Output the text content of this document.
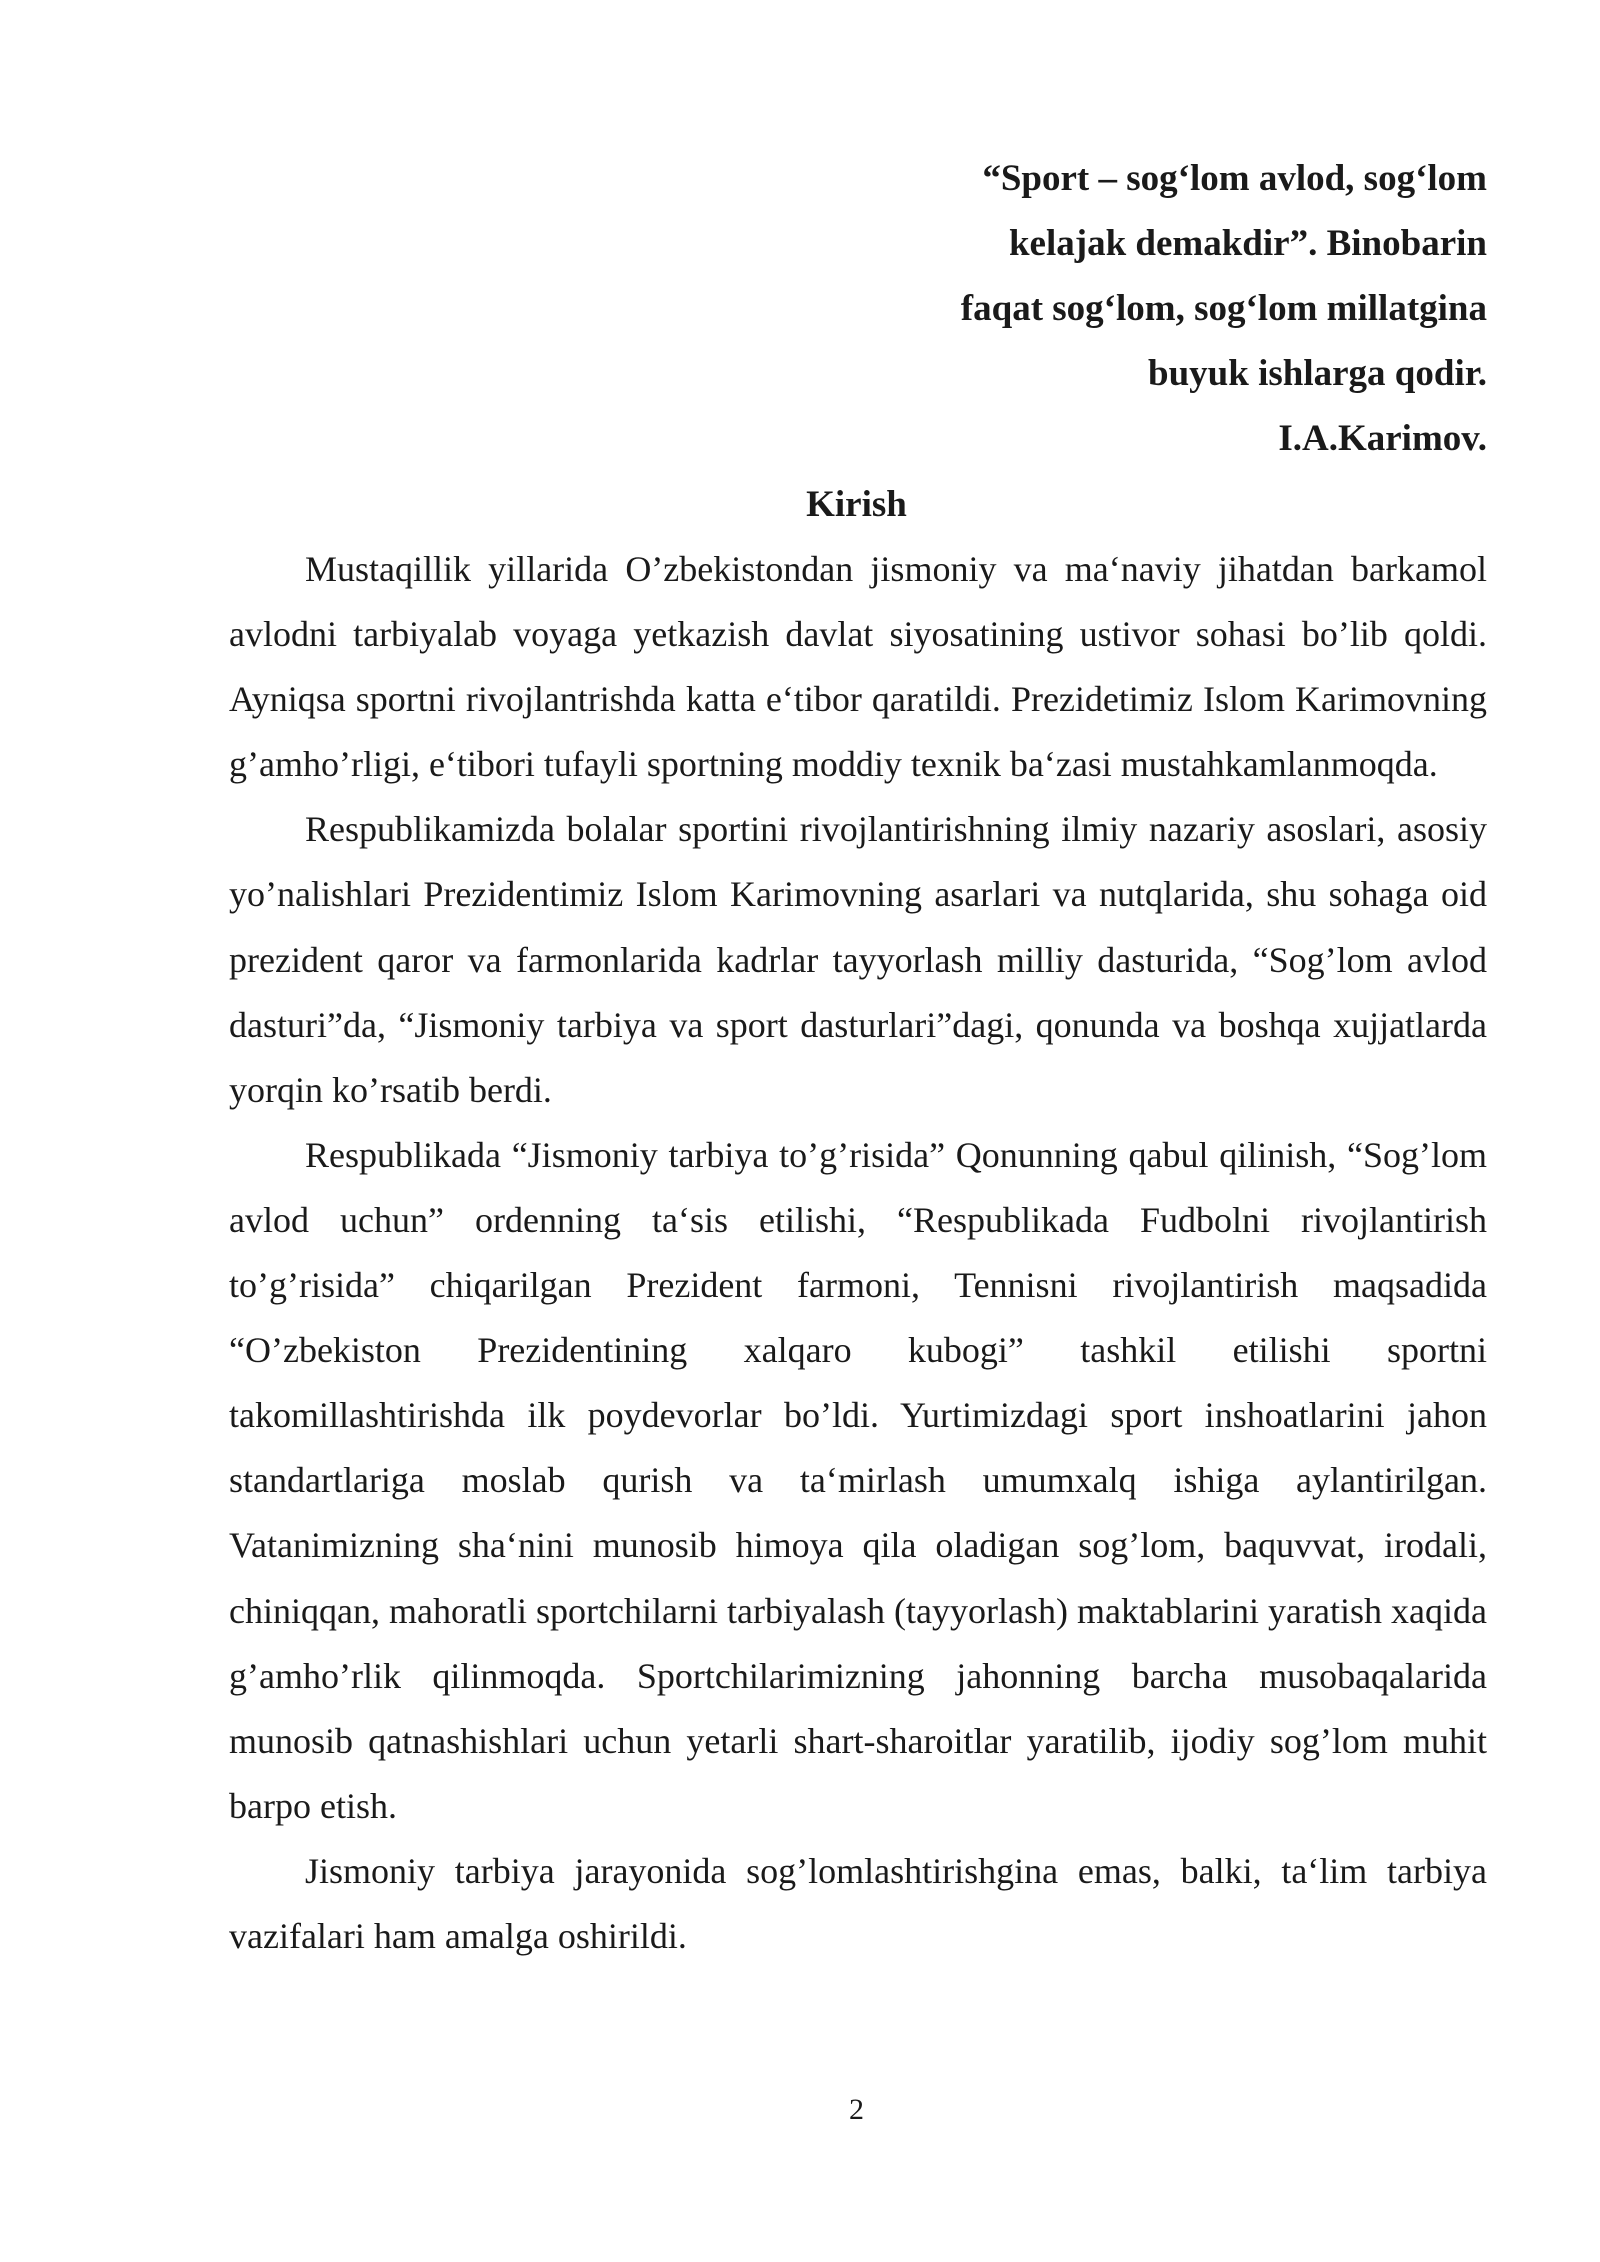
“Sport – sog‘lom avlod, sog‘lom
kelajak demakdir”. Binobarin
faqat sog‘lom, sog‘lom millatgina
buyuk ishlarga qodir.
I.A.Karimov.
Kirish

Mustaqillik yillarida O’zbekistondan jismoniy va ma‘naviy jihatdan barkamol avlodni tarbiyalab voyaga yetkazish davlat siyosatining ustivor sohasi bo’lib qoldi. Ayniqsa sportni rivojlantrishda katta e‘tibor qaratildi. Prezidetimiz Islom Karimovning g’amho’rligi, e‘tibori tufayli sportning moddiy texnik ba‘zasi mustahkamlanmoqda.

Respublikamizda bolalar sportini rivojlantirishning ilmiy nazariy asoslari, asosiy yo’nalishlari Prezidentimiz Islom Karimovning asarlari va nutqlarida, shu sohaga oid prezident qaror va farmonlarida kadrlar tayyorlash milliy dasturida, “Sog’lom avlod dasturi”da, “Jismoniy tarbiya va sport dasturlari”dagi, qonunda va boshqa xujjatlarda yorqin ko’rsatib berdi.

Respublikada “Jismoniy tarbiya to’g’risida” Qonunning qabul qilinish, “Sog’lom avlod uchun” ordenning ta‘sis etilishi, “Respublikada Fudbolni rivojlantirish to’g’risida” chiqarilgan Prezident farmoni, Tennisni rivojlantirish maqsadida “O’zbekiston Prezidentining xalqaro kubogi” tashkil etilishi sportni takomillashtirishda ilk poydevorlar bo’ldi. Yurtimizdagi sport inshoatlarini jahon standartlariga moslab qurish va ta‘mirlash umumxalq ishiga aylantirilgan. Vatanimizning sha‘nini munosib himoya qila oladigan sog’lom, baquvvat, irodali, chiniqqan, mahoratli sportchilarni tarbiyalash (tayyorlash) maktablarini yaratish xaqida g’amho’rlik qilinmoqda. Sportchilarimizning jahonning barcha musobaqalarida munosib qatnashishlari uchun yetarli shart-sharoitlar yaratilib, ijodiy sog’lom muhit barpo etish.

Jismoniy tarbiya jarayonida sog’lomlashtirishgina emas, balki, ta‘lim tarbiya vazifalari ham amalga oshirildi.

2
